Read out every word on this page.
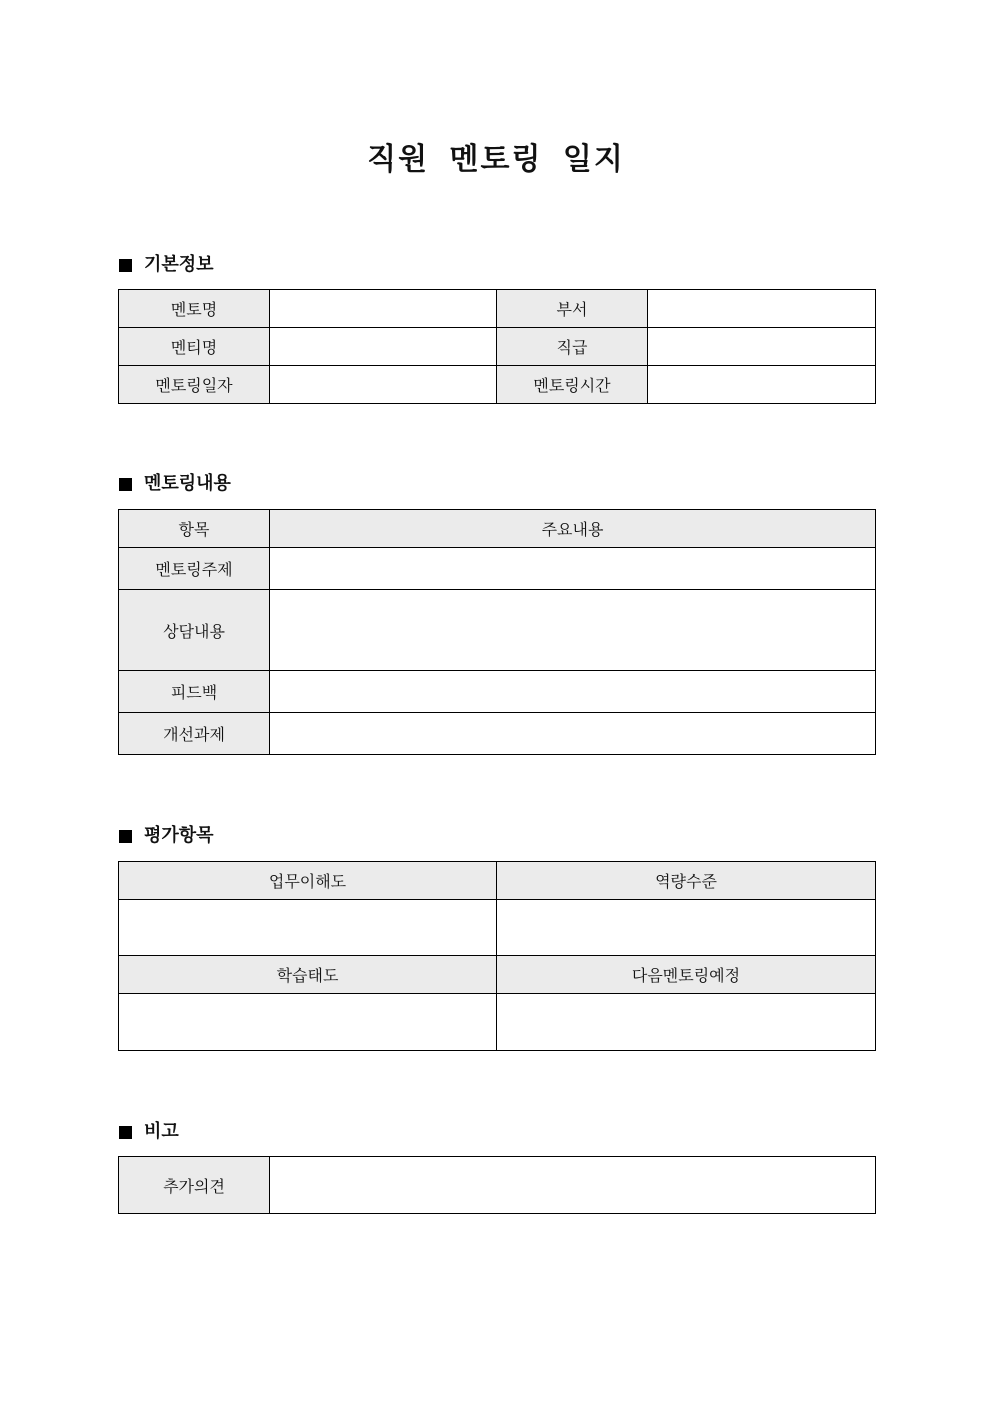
직원 멘토링 일지
기본정보
멘토명		부서	
멘티명		직급	
멘토링일자		멘토링시간	
멘토링내용
항목	주요내용
멘토링주제	
상담내용	
피드백	
개선과제	
평가항목
업무이해도	역량수준

학습태도	다음멘토링예정

비고
추가의견	
